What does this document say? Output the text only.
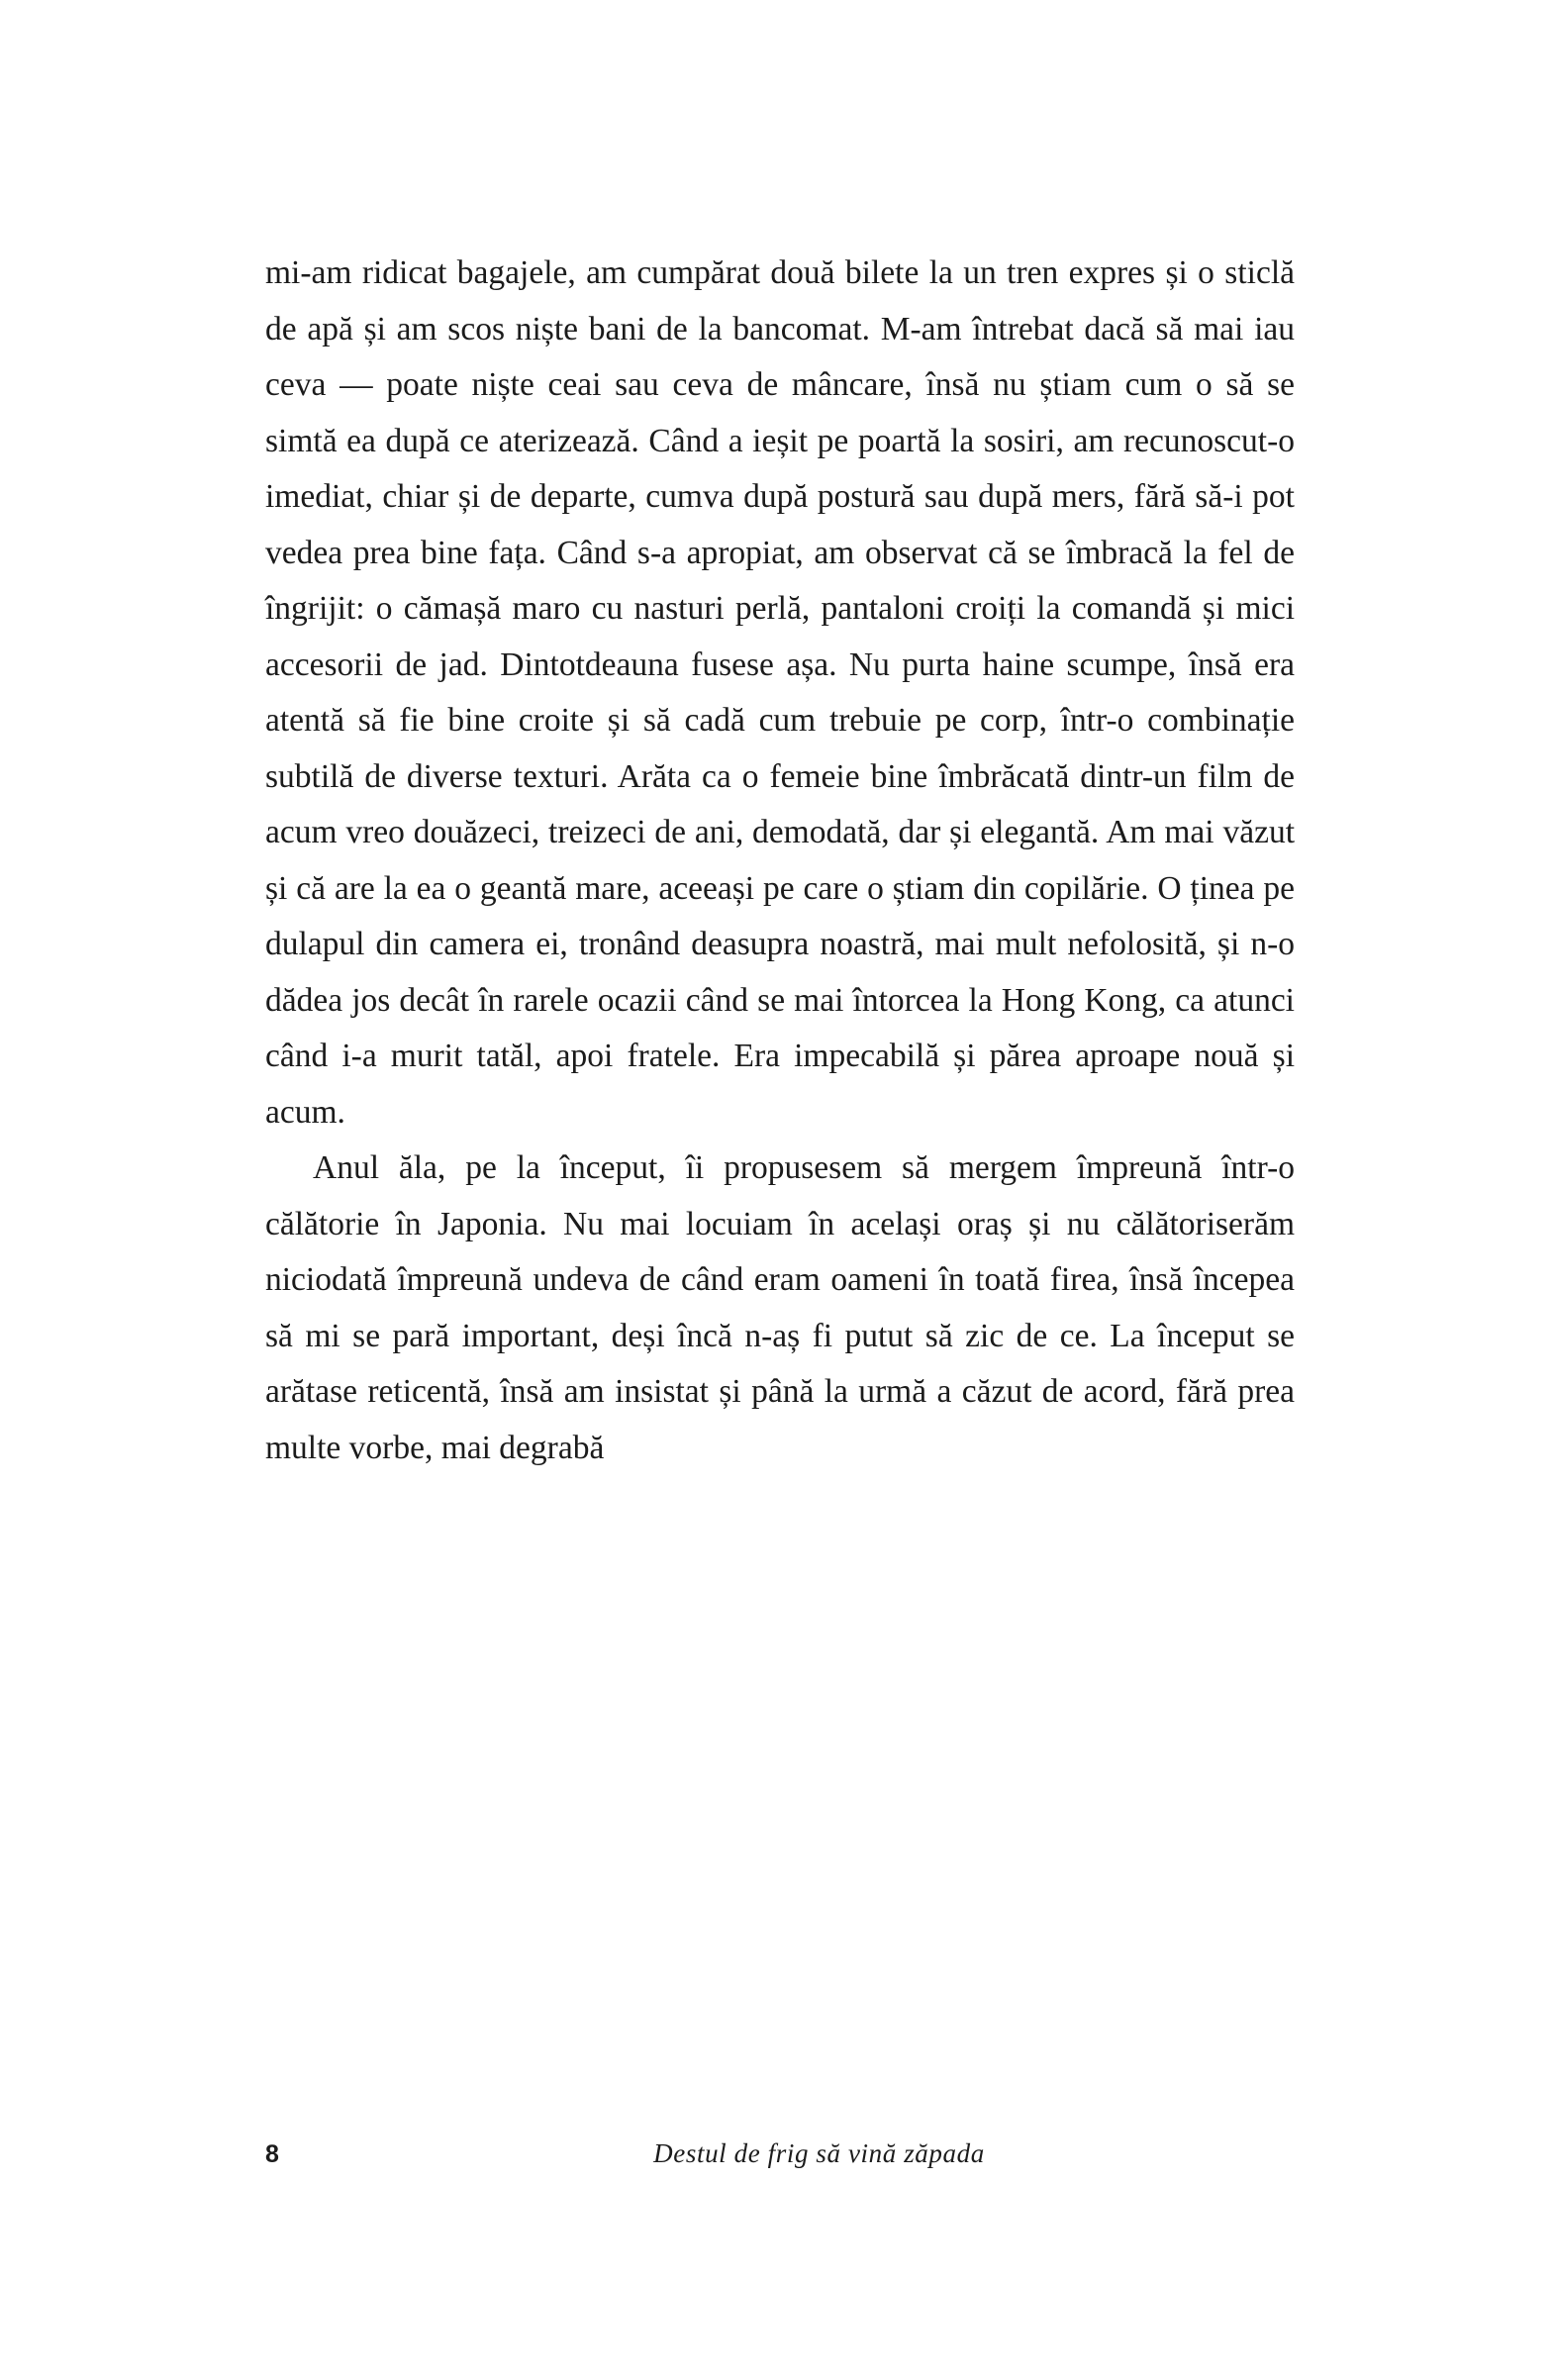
mi-am ridicat bagajele, am cumpărat două bilete la un tren expres și o sticlă de apă și am scos niște bani de la bancomat. M-am întrebat dacă să mai iau ceva — poate niște ceai sau ceva de mâncare, însă nu știam cum o să se simtă ea după ce aterizează. Când a ieșit pe poartă la sosiri, am recunoscut-o imediat, chiar și de departe, cumva după postură sau după mers, fără să-i pot vedea prea bine fața. Când s-a apropiat, am observat că se îmbracă la fel de îngrijit: o cămașă maro cu nasturi perlă, pantaloni croiți la comandă și mici accesorii de jad. Dintotdeauna fusese așa. Nu purta haine scumpe, însă era atentă să fie bine croite și să cadă cum trebuie pe corp, într-o combinație subtilă de diverse texturi. Arăta ca o femeie bine îmbrăcată dintr-un film de acum vreo douăzeci, treizeci de ani, demodată, dar și elegantă. Am mai văzut și că are la ea o geantă mare, aceeași pe care o știam din copilărie. O ținea pe dulapul din camera ei, tronând deasupra noastră, mai mult nefolosită, și n-o dădea jos decât în rarele ocazii când se mai întorcea la Hong Kong, ca atunci când i-a murit tatăl, apoi fratele. Era impecabilă și părea aproape nouă și acum.

Anul ăla, pe la început, îi propusesem să mergem împreună într-o călătorie în Japonia. Nu mai locuiam în același oraș și nu călătoriserăm niciodată împreună undeva de când eram oameni în toată firea, însă începea să mi se pară important, deși încă n-aș fi putut să zic de ce. La început se arătase reticentă, însă am insistat și până la urmă a căzut de acord, fără prea multe vorbe, mai degrabă

8	Destul de frig să vină zăpada
